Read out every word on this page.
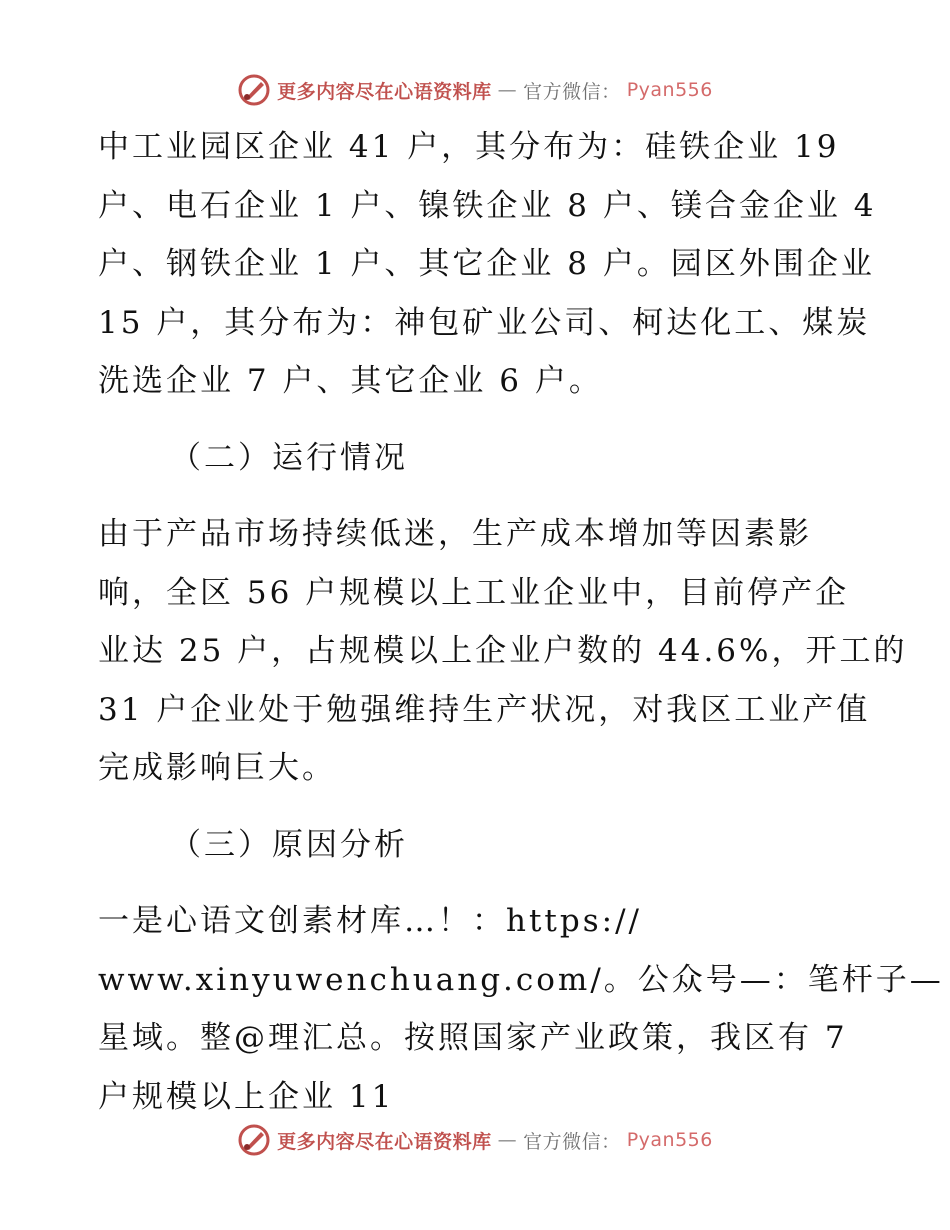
更多内容尽在心语资料库 — 官方微信： Pyan556
中工业园区企业 41 户，其分布为：硅铁企业 19
户、电石企业 1 户、镍铁企业 8 户、镁合金企业 4
户、钢铁企业 1 户、其它企业 8 户。园区外围企业
15 户，其分布为：神包矿业公司、柯达化工、煤炭
洗选企业 7 户、其它企业 6 户。
（二）运行情况
由于产品市场持续低迷，生产成本增加等因素影
响，全区 56 户规模以上工业企业中，目前停产企
业达 25 户，占规模以上企业户数的 44.6%，开工的
31 户企业处于勉强维持生产状况，对我区工业产值
完成影响巨大。
（三）原因分析
一是心语文创素材库…！：https://
www.xinyuwenchuang.com/。公众号—：笔杆子—
星域。整@理汇总。按照国家产业政策，我区有 7
户规模以上企业 11
更多内容尽在心语资料库 — 官方微信： Pyan556
